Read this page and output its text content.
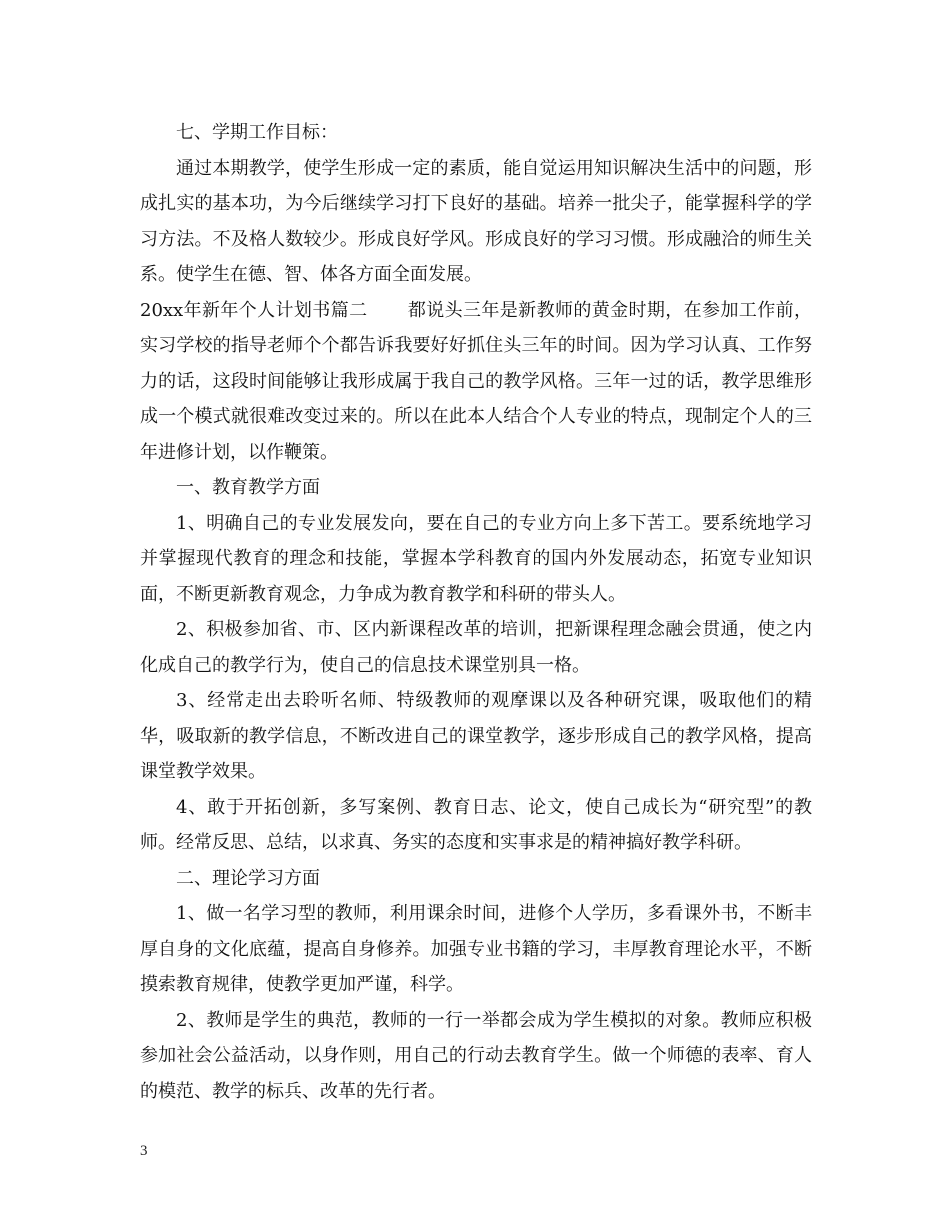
七、学期工作目标：

通过本期教学，使学生形成一定的素质，能自觉运用知识解决生活中的问题，形成扎实的基本功，为今后继续学习打下良好的基础。培养一批尖子，能掌握科学的学习方法。不及格人数较少。形成良好学风。形成良好的学习习惯。形成融洽的师生关系。使学生在德、智、体各方面全面发展。

20xx年新年个人计划书篇二 都说头三年是新教师的黄金时期，在参加工作前，实习学校的指导老师个个都告诉我要好好抓住头三年的时间。因为学习认真、工作努力的话，这段时间能够让我形成属于我自己的教学风格。三年一过的话，教学思维形成一个模式就很难改变过来的。所以在此本人结合个人专业的特点，现制定个人的三年进修计划，以作鞭策。

一、教育教学方面

1、明确自己的专业发展发向，要在自己的专业方向上多下苦工。要系统地学习并掌握现代教育的理念和技能，掌握本学科教育的国内外发展动态，拓宽专业知识面，不断更新教育观念，力争成为教育教学和科研的带头人。

2、积极参加省、市、区内新课程改革的培训，把新课程理念融会贯通，使之内化成自己的教学行为，使自己的信息技术课堂别具一格。

3、经常走出去聆听名师、特级教师的观摩课以及各种研究课，吸取他们的精华，吸取新的教学信息，不断改进自己的课堂教学，逐步形成自己的教学风格，提高课堂教学效果。

4、敢于开拓创新，多写案例、教育日志、论文，使自己成长为“研究型”的教师。经常反思、总结，以求真、务实的态度和实事求是的精神搞好教学科研。

二、理论学习方面

1、做一名学习型的教师，利用课余时间，进修个人学历，多看课外书，不断丰厚自身的文化底蕴，提高自身修养。加强专业书籍的学习，丰厚教育理论水平，不断摸索教育规律，使教学更加严谨，科学。

2、教师是学生的典范，教师的一行一举都会成为学生模拟的对象。教师应积极参加社会公益活动，以身作则，用自己的行动去教育学生。做一个师德的表率、育人的模范、教学的标兵、改革的先行者。

3
